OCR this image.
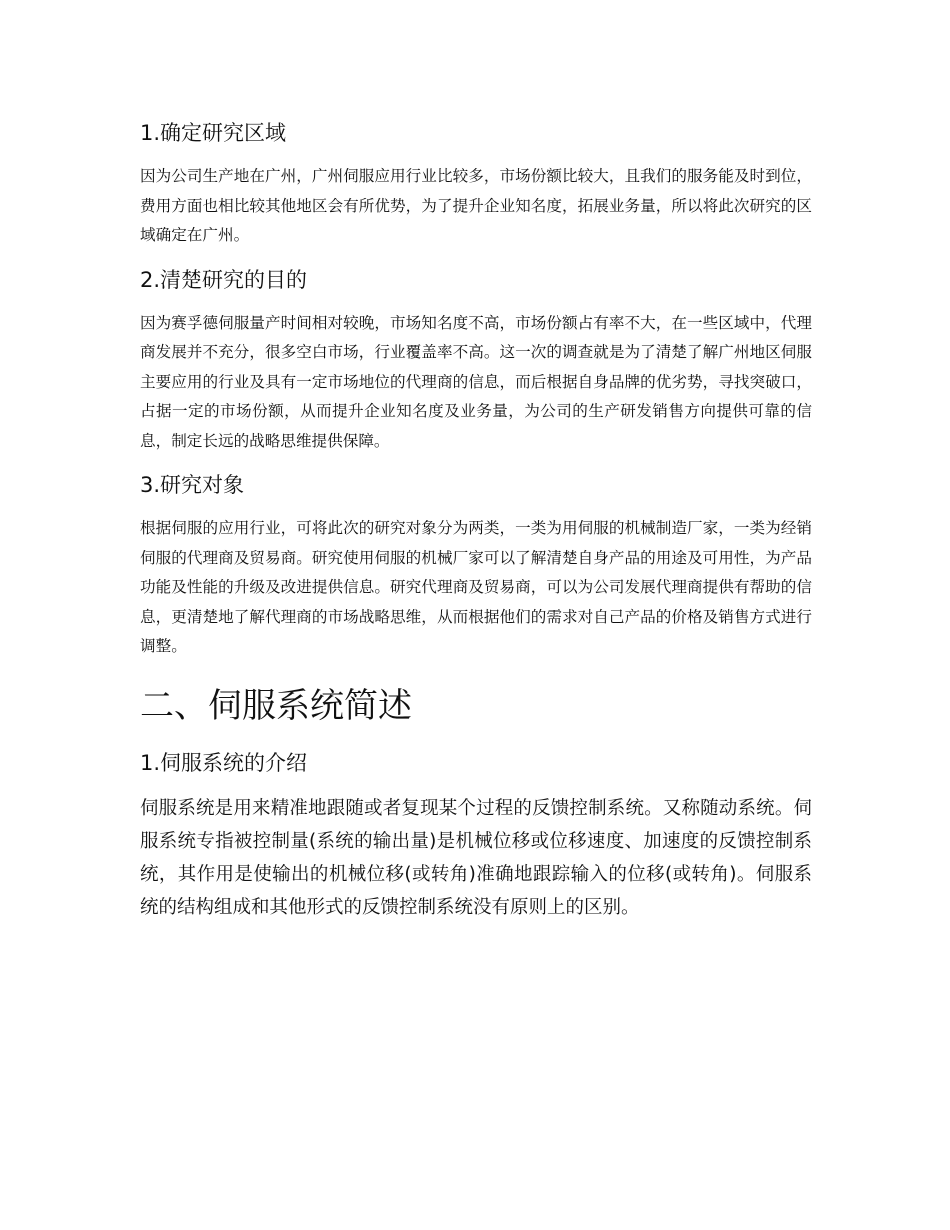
1.确定研究区域

因为公司生产地在广州，广州伺服应用行业比较多，市场份额比较大，且我们的服务能及时到位，费用方面也相比较其他地区会有所优势，为了提升企业知名度，拓展业务量，所以将此次研究的区域确定在广州。

2.清楚研究的目的

因为赛孚德伺服量产时间相对较晚，市场知名度不高，市场份额占有率不大，在一些区域中，代理商发展并不充分，很多空白市场，行业覆盖率不高。这一次的调查就是为了清楚了解广州地区伺服主要应用的行业及具有一定市场地位的代理商的信息，而后根据自身品牌的优劣势，寻找突破口，占据一定的市场份额，从而提升企业知名度及业务量，为公司的生产研发销售方向提供可靠的信息，制定长远的战略思维提供保障。

3.研究对象

根据伺服的应用行业，可将此次的研究对象分为两类，一类为用伺服的机械制造厂家，一类为经销伺服的代理商及贸易商。研究使用伺服的机械厂家可以了解清楚自身产品的用途及可用性，为产品功能及性能的升级及改进提供信息。研究代理商及贸易商，可以为公司发展代理商提供有帮助的信息，更清楚地了解代理商的市场战略思维，从而根据他们的需求对自己产品的价格及销售方式进行调整。

二、伺服系统简述
1.伺服系统的介绍

伺服系统是用来精准地跟随或者复现某个过程的反馈控制系统。又称随动系统。伺服系统专指被控制量(系统的输出量)是机械位移或位移速度、加速度的反馈控制系统，其作用是使输出的机械位移(或转角)准确地跟踪输入的位移(或转角)。伺服系统的结构组成和其他形式的反馈控制系统没有原则上的区别。
